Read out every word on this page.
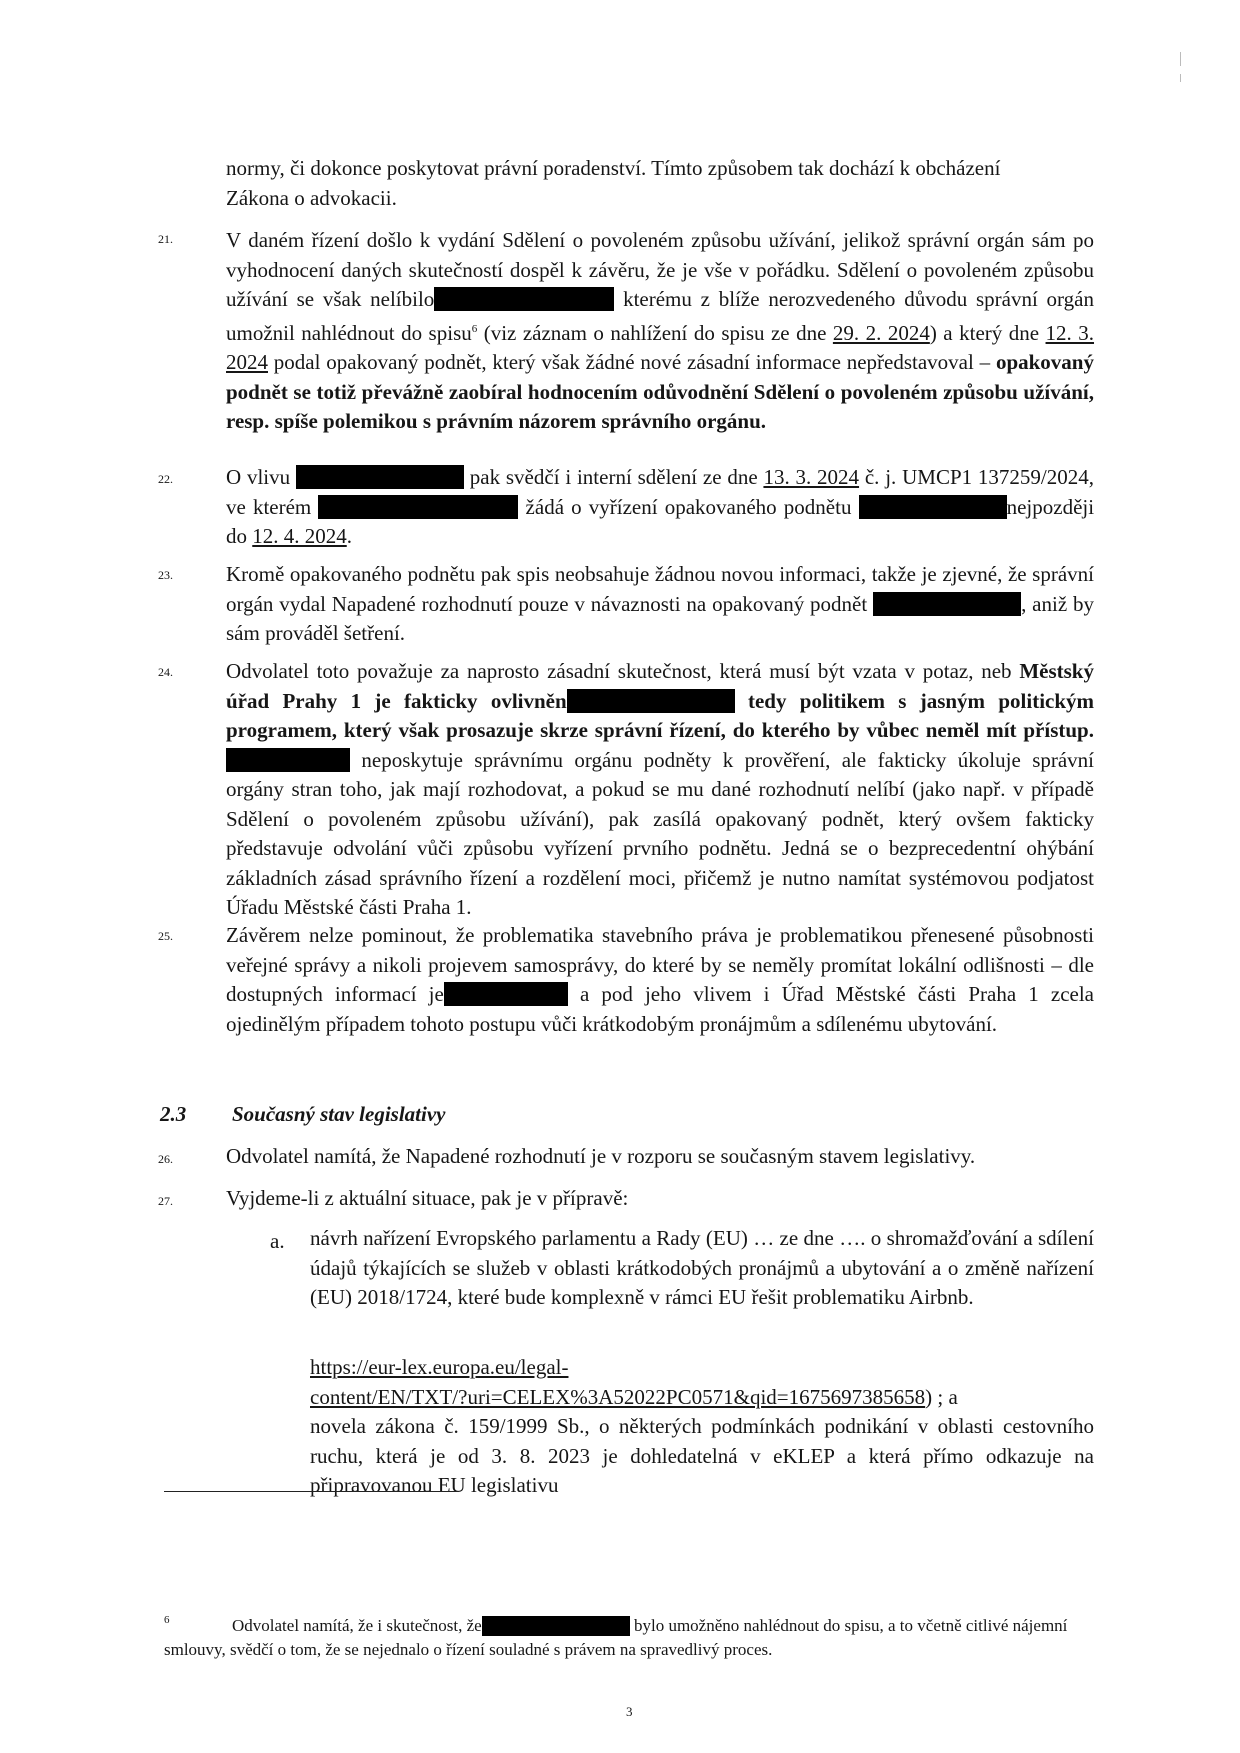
normy, či dokonce poskytovat právní poradenství. Tímto způsobem tak dochází k obcházení
Zákona o advokacii.
21.	V daném řízení došlo k vydání Sdělení o povoleném způsobu užívání, jelikož správní orgán sám po vyhodnocení daných skutečností dospěl k závěru, že je vše v pořádku. Sdělení o povoleném způsobu užívání se však nelíbilo	kterému z blíže nerozvedeného důvodu správní orgán umožnil nahlédnout do spisu$^6$ (viz záznam o nahlížení do spisu ze dne 29. 2. 2024) a který dne 12. 3. 2024 podal opakovaný podnět, který však žádné nové zásadní informace nepředstavoval – opakovaný podnět se totiž převážně zaobíral hodnocením odůvodnění Sdělení o povoleném způsobu užívání, resp. spíše polemikou s právním názorem správního orgánu.
22.	O vlivu	pak svědčí i interní sdělení ze dne 13. 3. 2024 č. j. UMCP1 137259/2024, ve kterém	žádá o vyřízení opakovaného podnětu	nejpozději do 12. 4. 2024.
23.	Kromě opakovaného podnětu pak spis neobsahuje žádnou novou informaci, takže je zjevné, že správní orgán vydal Napadené rozhodnutí pouze v návaznosti na opakovaný podnět	, aniž by sám prováděl šetření.
24.	Odvolatel toto považuje za naprosto zásadní skutečnost, která musí být vzata v potaz, neb Městský úřad Prahy 1 je fakticky ovlivněn	tedy politikem s jasným politickým programem, který však prosazuje skrze správní řízení, do kterého by vůbec neměl mít přístup. neposkytuje správnímu orgánu podněty k prověření, ale fakticky úkoluje správní orgány stran toho, jak mají rozhodovat, a pokud se mu dané rozhodnutí nelíbí (jako např. v případě Sdělení o povoleném způsobu užívání), pak zasílá opakovaný podnět, který ovšem fakticky představuje odvolání vůči způsobu vyřízení prvního podnětu. Jedná se o bezprecedentní ohýbání základních zásad správního řízení a rozdělení moci, přičemž je nutno namítat systémovou podjatost Úřadu Městské části Praha 1.
25.	Závěrem nelze pominout, že problematika stavebního práva je problematikou přenesené působnosti veřejné správy a nikoli projevem samosprávy, do které by se neměly promítat lokální odlišnosti – dle dostupných informací je	a pod jeho vlivem i Úřad Městské části Praha 1 zcela ojedinělým případem tohoto postupu vůči krátkodobým pronájmům a sdílenému ubytování.
2.3 Současný stav legislativy
26.	Odvolatel namítá, že Napadené rozhodnutí je v rozporu se současným stavem legislativy.
27.	Vyjdeme-li z aktuální situace, pak je v přípravě:
a. návrh nařízení Evropského parlamentu a Rady (EU) … ze dne …. o shromažďování a sdílení údajů týkajících se služeb v oblasti krátkodobých pronájmů a ubytování a o změně nařízení (EU) 2018/1724, které bude komplexně v rámci EU řešit problematiku Airbnb.
https://eur-lex.europa.eu/legal-
content/EN/TXT/?uri=CELEX%3A52022PC0571&qid=1675697385658) ; a
novela zákona č. 159/1999 Sb., o některých podmínkách podnikání v oblasti cestovního ruchu, která je od 3. 8. 2023 je dohledatelná v eKLEP a která přímo odkazuje na připravovanou EU legislativu
6	Odvolatel namítá, že i skutečnost, že	bylo umožněno nahlédnout do spisu, a to včetně citlivé nájemní smlouvy, svědčí o tom, že se nejednalo o řízení souladné s právem na spravedlivý proces.
3
